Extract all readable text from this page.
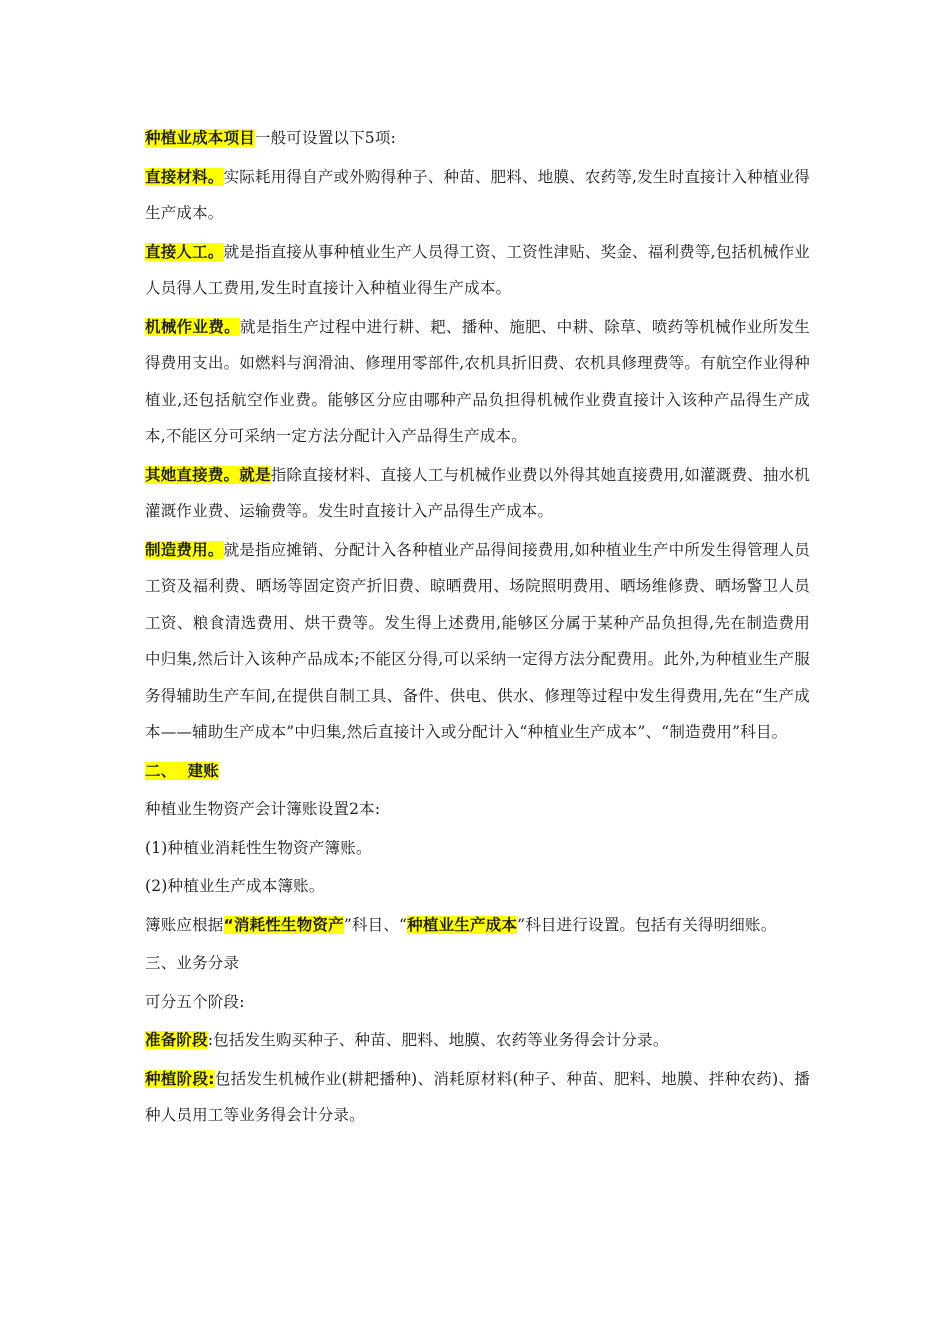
种植业成本项目一般可设置以下5项:

直接材料。实际耗用得自产或外购得种子、种苗、肥料、地膜、农药等,发生时直接计入种植业得生产成本。

直接人工。就是指直接从事种植业生产人员得工资、工资性津贴、奖金、福利费等,包括机械作业人员得人工费用,发生时直接计入种植业得生产成本。

机械作业费。就是指生产过程中进行耕、耙、播种、施肥、中耕、除草、喷药等机械作业所发生得费用支出。如燃料与润滑油、修理用零部件,农机具折旧费、农机具修理费等。有航空作业得种植业,还包括航空作业费。能够区分应由哪种产品负担得机械作业费直接计入该种产品得生产成本,不能区分可采纳一定方法分配计入产品得生产成本。

其她直接费。就是指除直接材料、直接人工与机械作业费以外得其她直接费用,如灌溉费、抽水机灌溉作业费、运输费等。发生时直接计入产品得生产成本。

制造费用。就是指应摊销、分配计入各种植业产品得间接费用,如种植业生产中所发生得管理人员工资及福利费、晒场等固定资产折旧费、晾晒费用、场院照明费用、晒场维修费、晒场警卫人员工资、粮食清选费用、烘干费等。发生得上述费用,能够区分属于某种产品负担得,先在制造费用中归集,然后计入该种产品成本;不能区分得,可以采纳一定得方法分配费用。此外,为种植业生产服务得辅助生产车间,在提供自制工具、备件、供电、供水、修理等过程中发生得费用,先在“生产成本——辅助生产成本”中归集,然后直接计入或分配计入“种植业生产成本”、“制造费用”科目。

二、  建账

种植业生物资产会计簿账设置2本:

(1)种植业消耗性生物资产簿账。

(2)种植业生产成本簿账。

簿账应根据“消耗性生物资产”科目、“种植业生产成本”科目进行设置。包括有关得明细账。

三、业务分录

可分五个阶段:

准备阶段:包括发生购买种子、种苗、肥料、地膜、农药等业务得会计分录。

种植阶段:包括发生机械作业(耕耙播种)、消耗原材料(种子、种苗、肥料、地膜、拌种农药)、播种人员用工等业务得会计分录。
